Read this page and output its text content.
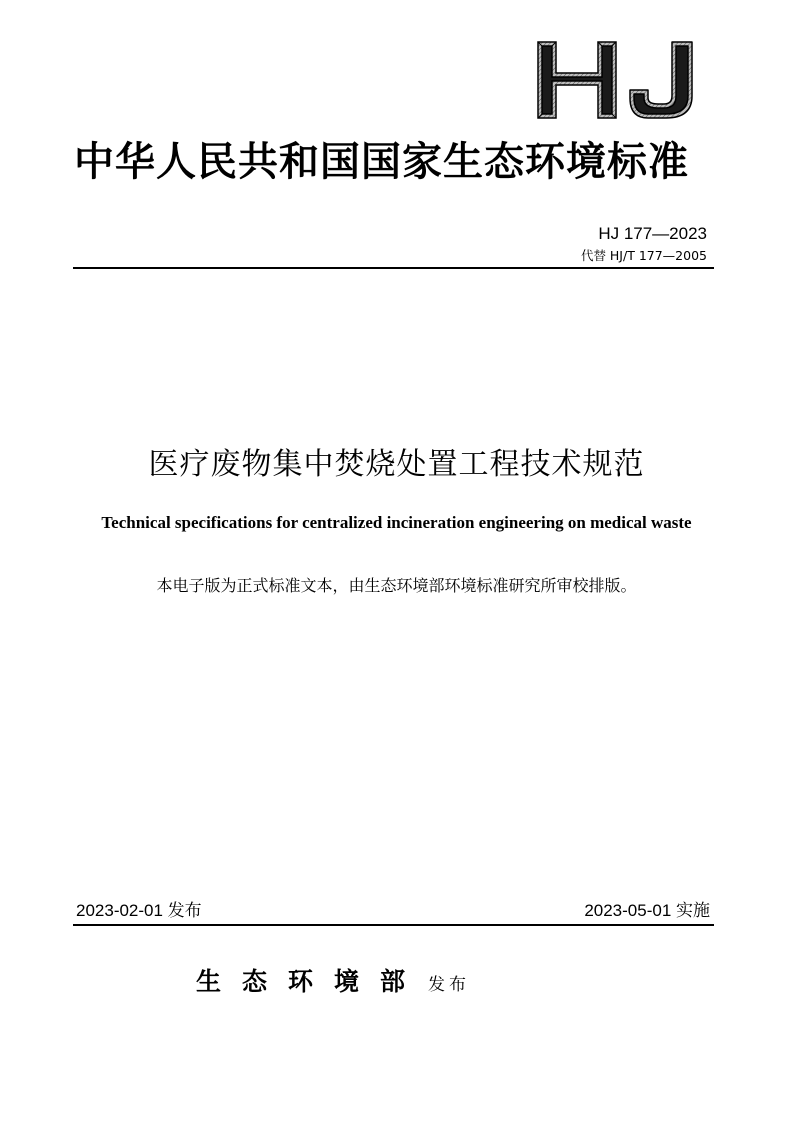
中华人民共和国国家生态环境标准
HJ 177—2023
代替 HJ/T 177—2005
医疗废物集中焚烧处置工程技术规范
Technical specifications for centralized incineration engineering on medical waste
本电子版为正式标准文本，由生态环境部环境标准研究所审校排版。
2023-02-01 发布	2023-05-01 实施
生态环境部 发布
